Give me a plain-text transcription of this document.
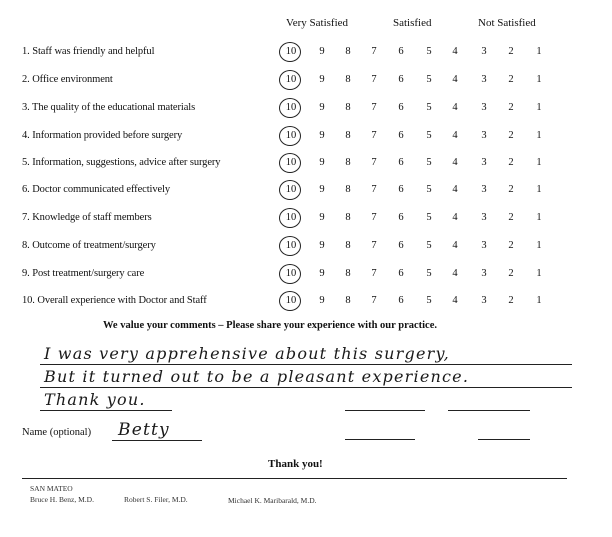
Very Satisfied	Satisfied	Not Satisfied
1. Staff was friendly and helpful	10	9	8	7	6	5	4	3	2	1
2. Office environment	10	9	8	7	6	5	4	3	2	1
3. The quality of the educational materials	10	9	8	7	6	5	4	3	2	1
4. Information provided before surgery	10	9	8	7	6	5	4	3	2	1
5. Information, suggestions, advice after surgery	10	9	8	7	6	5	4	3	2	1
6. Doctor communicated effectively	10	9	8	7	6	5	4	3	2	1
7. Knowledge of staff members	10	9	8	7	6	5	4	3	2	1
8. Outcome of treatment/surgery	10	9	8	7	6	5	4	3	2	1
9. Post treatment/surgery care	10	9	8	7	6	5	4	3	2	1
10. Overall experience with Doctor and Staff	10	9	8	7	6	5	4	3	2	1
We value your comments – Please share your experience with our practice.
I was very apprehensive about this surgery,
But it turned out to be a pleasant experience.
Thank you.
Name (optional) Betty
Thank you!
SAN MATEO
Bruce H. Benz, M.D.	Robert S. Filer, M.D.	Michael K. Maribarald, M.D.
